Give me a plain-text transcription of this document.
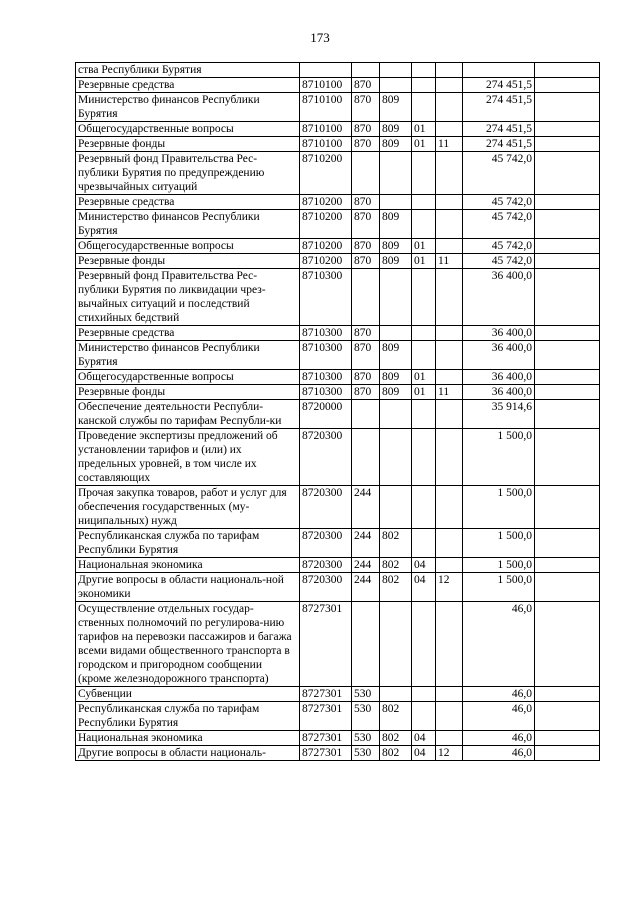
173
ства Республики Бурятия							
Резервные средства	8710100	870				274 451,5	
Министерство финансов Республики Бурятия	8710100	870	809			274 451,5	
Общегосударственные вопросы	8710100	870	809	01		274 451,5	
Резервные фонды	8710100	870	809	01	11	274 451,5	
Резервный фонд Правительства Рес-публики Бурятия по предупреждению чрезвычайных ситуаций	8710200					45 742,0	
Резервные средства	8710200	870				45 742,0	
Министерство финансов Республики Бурятия	8710200	870	809			45 742,0	
Общегосударственные вопросы	8710200	870	809	01		45 742,0	
Резервные фонды	8710200	870	809	01	11	45 742,0	
Резервный фонд Правительства Рес-публики Бурятия по ликвидации чрез-вычайных ситуаций и последствий стихийных бедствий	8710300					36 400,0	
Резервные средства	8710300	870				36 400,0	
Министерство финансов Республики Бурятия	8710300	870	809			36 400,0	
Общегосударственные вопросы	8710300	870	809	01		36 400,0	
Резервные фонды	8710300	870	809	01	11	36 400,0	
Обеспечение деятельности Республи-канской службы по тарифам Республи-ки	8720000					35 914,6	
Проведение экспертизы предложений об установлении тарифов и (или) их предельных уровней, в том числе их составляющих	8720300					1 500,0	
Прочая закупка товаров, работ и услуг для обеспечения государственных (му-ниципальных) нужд	8720300	244				1 500,0	
Республиканская служба по тарифам Республики Бурятия	8720300	244	802			1 500,0	
Национальная экономика	8720300	244	802	04		1 500,0	
Другие вопросы в области националь-ной экономики	8720300	244	802	04	12	1 500,0	
Осуществление отдельных государ-ственных полномочий по регулирова-нию тарифов на перевозки пассажиров и багажа всеми видами общественного транспорта в городском и пригородном сообщении (кроме железнодорожного транспорта)	8727301					46,0	
Субвенции	8727301	530				46,0	
Республиканская служба по тарифам Республики Бурятия	8727301	530	802			46,0	
Национальная экономика	8727301	530	802	04		46,0	
Другие вопросы в области националь-	8727301	530	802	04	12	46,0	
